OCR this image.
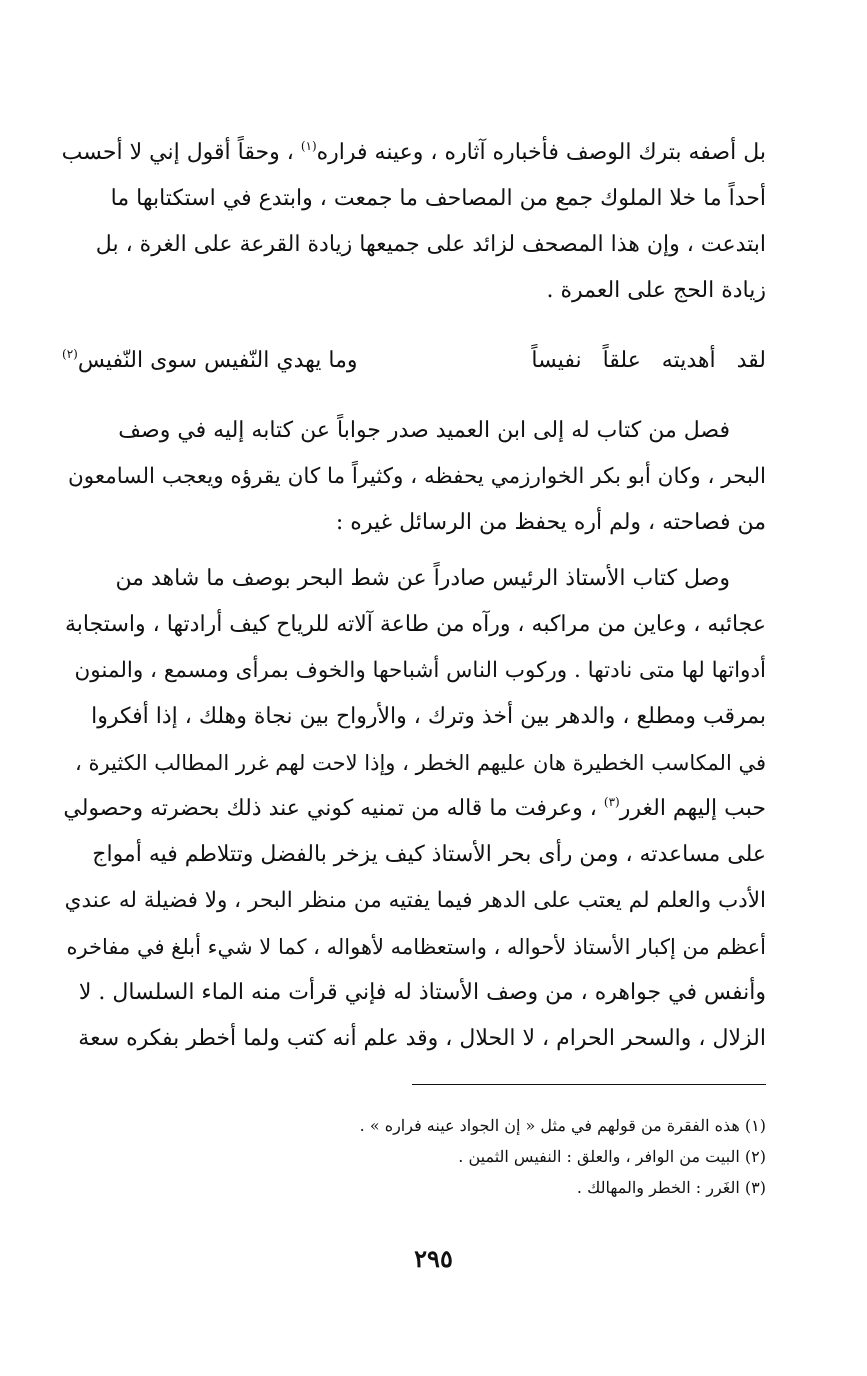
بل أصفه بترك الوصف فأخباره آثاره ، وعينه فراره$^{(١)}$ ، وحقاً أقول إني لا أحسب
أحداً ما خلا الملوك جمع من المصاحف ما جمعت ، وابتدع في استكتابها ما
ابتدعت ، وإن هذا المصحف لزائد على جميعها زيادة القرعة على الغرة ، بل
زيادة الحج على العمرة .
لقد أهديته علقاً نفيساً
وما يهدي النّفيس سوى النّفيس$^{(٢)}$
فصل من كتاب له إلى ابن العميد صدر جواباً عن كتابه إليه في وصف
البحر ، وكان أبو بكر الخوارزمي يحفظه ، وكثيراً ما كان يقرؤه ويعجب السامعون
من فصاحته ، ولم أره يحفظ من الرسائل غيره :
وصل كتاب الأستاذ الرئيس صادراً عن شط البحر بوصف ما شاهد من
عجائبه ، وعاين من مراكبه ، ورآه من طاعة آلاته للرياح كيف أرادتها ، واستجابة
أدواتها لها متى نادتها . وركوب الناس أشباحها والخوف بمرأى ومسمع ، والمنون
بمرقب ومطلع ، والدهر بين أخذ وترك ، والأرواح بين نجاة وهلك ، إذا أفكروا
في المكاسب الخطيرة هان عليهم الخطر ، وإذا لاحت لهم غرر المطالب الكثيرة ،
حبب إليهم الغرر$^{(٣)}$ ، وعرفت ما قاله من تمنيه كوني عند ذلك بحضرته وحصولي
على مساعدته ، ومن رأى بحر الأستاذ كيف يزخر بالفضل وتتلاطم فيه أمواج
الأدب والعلم لم يعتب على الدهر فيما يفتيه من منظر البحر ، ولا فضيلة له عندي
أعظم من إكبار الأستاذ لأحواله ، واستعظامه لأهواله ، كما لا شيء أبلغ في مفاخره
وأنفس في جواهره ، من وصف الأستاذ له فإني قرأت منه الماء السلسال . لا
الزلال ، والسحر الحرام ، لا الحلال ، وقد علم أنه كتب ولما أخطر بفكره سعة
(١) هذه الفقرة من قولهم في مثل « إن الجواد عينه فراره » .
(٢) البيت من الوافر ، والعلق : النفيس الثمين .
(٣) الغَرر : الخطر والمهالك .
٢٩٥
